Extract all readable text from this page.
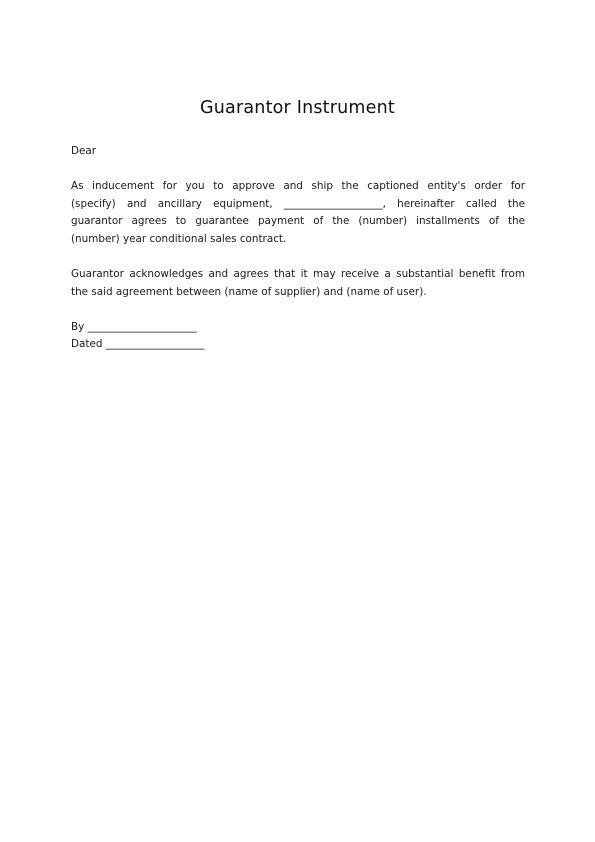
Guarantor Instrument
Dear
As inducement for you to approve and ship the captioned entity's order for
(specify) and ancillary equipment, ___________________, hereinafter called the
guarantor agrees to guarantee payment of the (number) installments of the
(number) year conditional sales contract.
Guarantor acknowledges and agrees that it may receive a substantial benefit from
the said agreement between (name of supplier) and (name of user).
By _____________________
Dated ___________________
